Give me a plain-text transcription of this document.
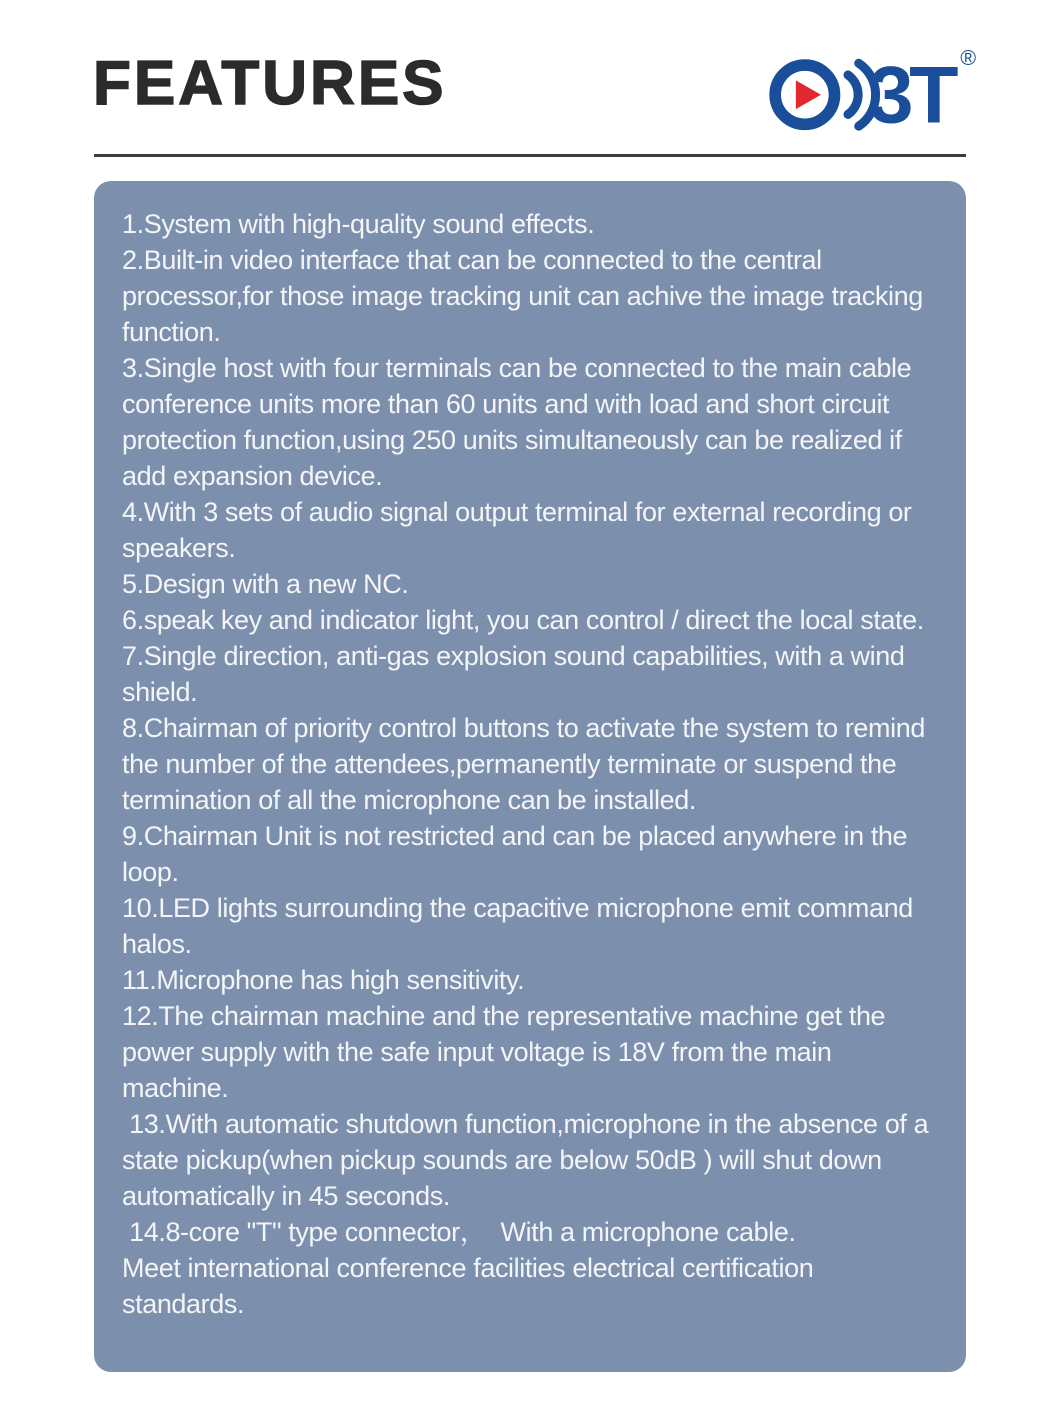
FEATURES	3T ®

1.System with high-quality sound effects.

2.Built-in video interface that can be connected to the central processor,for those image tracking unit can achive the image tracking function.

3.Single host with four terminals can be connected to the main cable conference units more than 60 units and with load and short circuit protection function,using 250 units simultaneously can be realized if add expansion device.

4.With 3 sets of audio signal output terminal for external recording or speakers.

5.Design with a new NC.

6.speak key and indicator light, you can control / direct the local state.

7.Single direction, anti-gas explosion sound capabilities, with a wind shield.

8.Chairman of priority control buttons to activate the system to remind the number of the attendees,permanently terminate or suspend the termination of all the microphone can be installed.

9.Chairman Unit is not restricted and can be placed anywhere in the loop.

10.LED lights surrounding the capacitive microphone emit command halos.

11.Microphone has high sensitivity.

12.The chairman machine and the representative machine get the power supply with the safe input voltage is 18V from the main machine.

13.With automatic shutdown function,microphone in the absence of a state pickup(when pickup sounds are below 50dB ) will shut down automatically in 45 seconds.

14.8-core "T" type connector，  With a microphone cable.

Meet international conference facilities electrical certification standards.
